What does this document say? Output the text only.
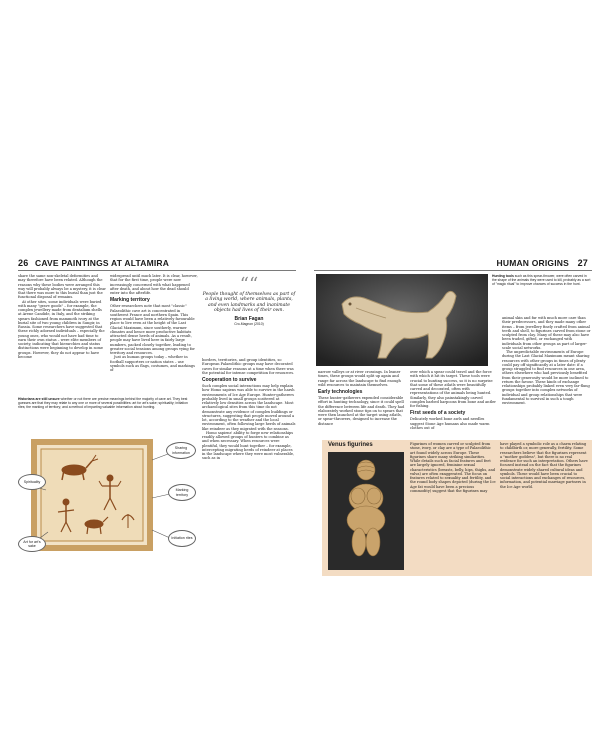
26 CAVE PAINTINGS AT ALTAMIRA	HUMAN ORIGINS 27

share the same non-skeletal deformities and may therefore have been related. Although the reasons why these bodies were arranged this way will probably always be a mystery, it is clear that there was more to this burial than just the functional disposal of remains.

At other sites, some individuals were buried with many "grave goods" – for example, the complex jewellery made from dentalium shells at Arene Candide, in Italy, and the striking spears fashioned from mammoth ivory at the burial site of two young children in Sungir, in Russia. Some researchers have suggested that these richly adorned individuals – especially the young ones, who would not have had time to earn their own status – were elite members of society, indicating that hierarchies and status distinctions were beginning to develop in some groups. However, they do not appear to have become

widespread until much later. It is clear, however, that for the first time, people were now increasingly concerned with what happened after death, and about how the dead should enter into the afterlife.

Marking territory

Other researchers note that most "classic" Palaeolithic cave art is concentrated in southwest France and northern Spain. This region would have been a relatively favourable place to live even at the height of the Last Glacial Maximum, since southerly, warmer climates and hence more productive habitats attracted dense herds of animals. As a result, people may have lived here in fairly large numbers, packed closely together, leading to greater social tensions among groups vying for territory and resources.

Just as human groups today – whether in football supporters or nation states – use symbols such as flags, costumes, and markings of

““
People thought of themselves as part of a living world, where animals, plants, and even landmarks and inanimate objects had lives of their own.
Brian Fagan
Cro-Magnon (2010)

borders, territories, and group identities, so European Palaeolithic groups may have decorated caves for similar reasons at a time when there was the potential for intense competition for resources.

Cooperation to survive

Such complex social interactions may help explain how Homo sapiens was able to survive in the harsh environments of Ice Age Europe. Hunter-gatherers probably lived in small groups scattered at relatively low densities across the landscape. Most archaeological sites from this time do not demonstrate any evidence of complex buildings or structures, suggesting that people moved around a lot, according to the weather and the local environment, often following large herds of animals like reindeer as they migrated with the seasons.

Homo sapiens' ability to forge new relationships readily allowed groups of hunters to combine as and when necessary. When resources were plentiful, they would hunt together – for example, intercepting migrating herds of reindeer at places in the landscape where they were most vulnerable, such as in

Historians are still unsure whether or not there are precise meanings behind the majority of cave art. They best guesses are that they may relate to any one or more of several possibilities: art for art's sake; spirituality; initiation rites; the marking of territory; and a method of imparting valuable information about hunting.
Spirituality
Art for art's sake
Sharing information
Marking territory
Initiation rites
Hunting tools such as this spear-thrower, were often carved in the shape of the animals they were used to kill, probably as a sort of "magic ritual" to improve chances of success in the hunt.

narrow valleys or at river crossings. In leaner times, these groups would split up again and range far across the landscape to find enough wild resources to maintain themselves.

Early technologies

These hunter-gatherers expended considerable effort in hunting technology, since it could spell the difference between life and death. They had elaborately worked stone tips on to spears that were then launched at the target using atlatls, or spear-throwers, designed to increase the distance

over which a spear could travel and the force with which it hit its target. These tools were crucial to hunting success, so it is no surprise that some of these atlatls were beautifully carved and decorated, often with representations of the animals being hunted. Similarly, they also painstakingly carved complex barbed harpoons from bone and antler for fishing.

First seeds of a society

Delicately worked bone awls and needles suggest Stone Age humans also made warm clothes out of

animal skin and fur with much more care than their predecessors, and they made many other items – from jewellery finely crafted from animal teeth and shell, to figurines carved from stone or sculpted from clay. Many of these may also have been traded, gifted, or exchanged with individuals from other groups as part of larger-scale social networks.

The unpredictable environments of Europe during the Last Glacial Maximum meant sharing resources with other groups in times of plenty could pay off significantly at a later date: if a group struggled to find resources in one area, others elsewhere who had previously benefited from their generosity would be more inclined to return the favour. These kinds of exchange relationships probably linked even very far-flung groups together into complex networks of individual and group relationships that were fundamental to survival in such a tough environment.

Venus figurines	Figurines of women carved or sculpted from stone, ivory, or clay are a type of Palaeolithic art found widely across Europe. These figurines share many striking similarities. While details such as facial features and feet are largely ignored, feminine sexual characteristics (breasts, belly, hips, thighs, and vulva) are often exaggerated. The focus on features related to sexuality and fertility, and the round body shapes depicted (during the Ice Age fat would have been a precious commodity) suggest that the figurines may
have played a symbolic role as a charm relating to childbirth or, more generally, fertility. Some researchers believe that the figurines represent a "mother goddess", but there is no real evidence for such an interpretation. Others have focused instead on the fact that the figurines demonstrate widely shared cultural ideas and symbols. These would have been crucial to social interactions and exchanges of resources, information, and potential marriage partners in the Ice Age world.
